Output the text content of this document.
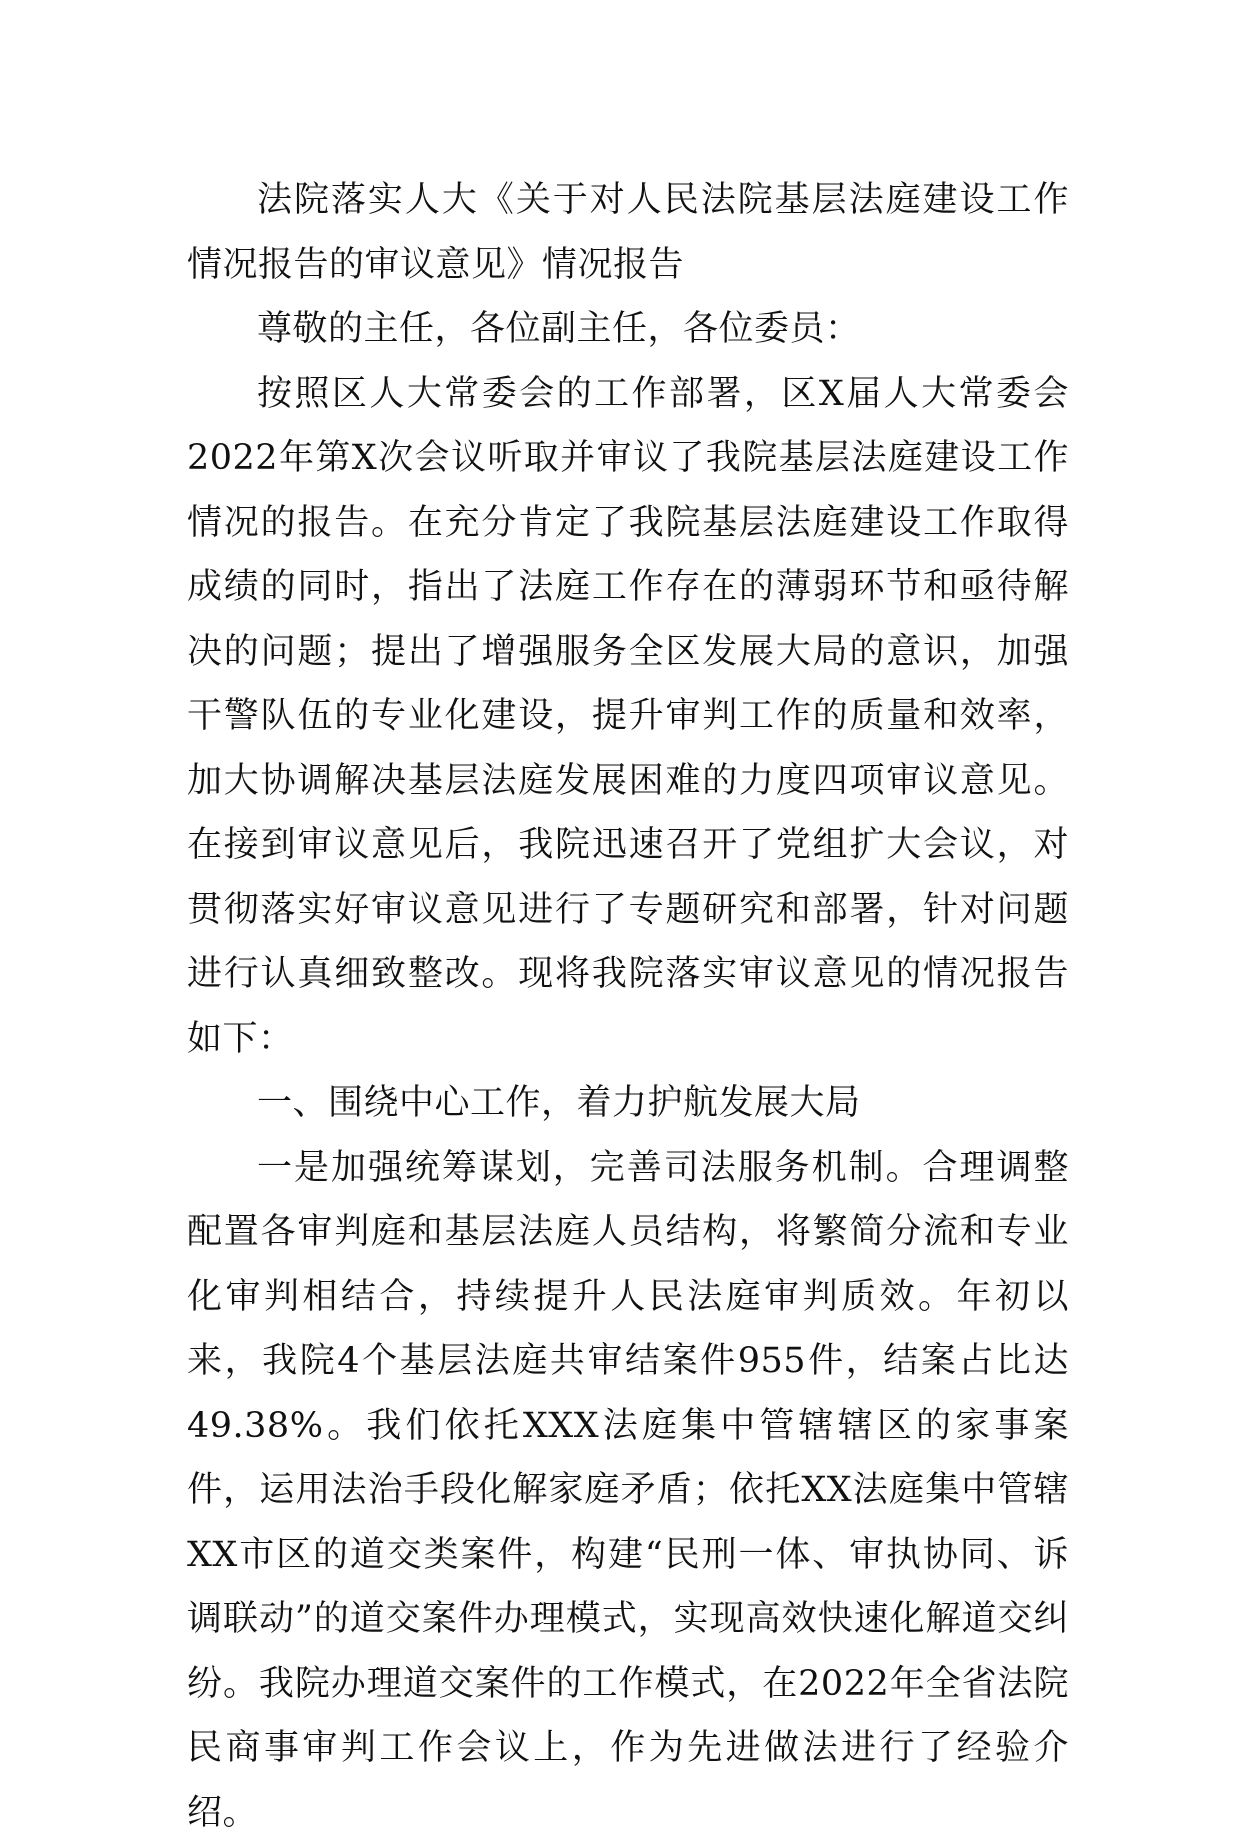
法院落实人大《关于对人民法院基层法庭建设工作情况报告的审议意见》情况报告

尊敬的主任，各位副主任，各位委员：

按照区人大常委会的工作部署，区X届人大常委会2022年第X次会议听取并审议了我院基层法庭建设工作情况的报告。在充分肯定了我院基层法庭建设工作取得成绩的同时，指出了法庭工作存在的薄弱环节和亟待解决的问题；提出了增强服务全区发展大局的意识，加强干警队伍的专业化建设，提升审判工作的质量和效率，加大协调解决基层法庭发展困难的力度四项审议意见。在接到审议意见后，我院迅速召开了党组扩大会议，对贯彻落实好审议意见进行了专题研究和部署，针对问题进行认真细致整改。现将我院落实审议意见的情况报告如下：

一、围绕中心工作，着力护航发展大局

一是加强统筹谋划，完善司法服务机制。合理调整配置各审判庭和基层法庭人员结构，将繁简分流和专业化审判相结合，持续提升人民法庭审判质效。年初以来，我院4个基层法庭共审结案件955件，结案占比达49.38%。我们依托XXX法庭集中管辖辖区的家事案件，运用法治手段化解家庭矛盾；依托XX法庭集中管辖XX市区的道交类案件，构建“民刑一体、审执协同、诉调联动”的道交案件办理模式，实现高效快速化解道交纠纷。我院办理道交案件的工作模式，在2022年全省法院民商事审判工作会议上，作为先进做法进行了经验介绍。
